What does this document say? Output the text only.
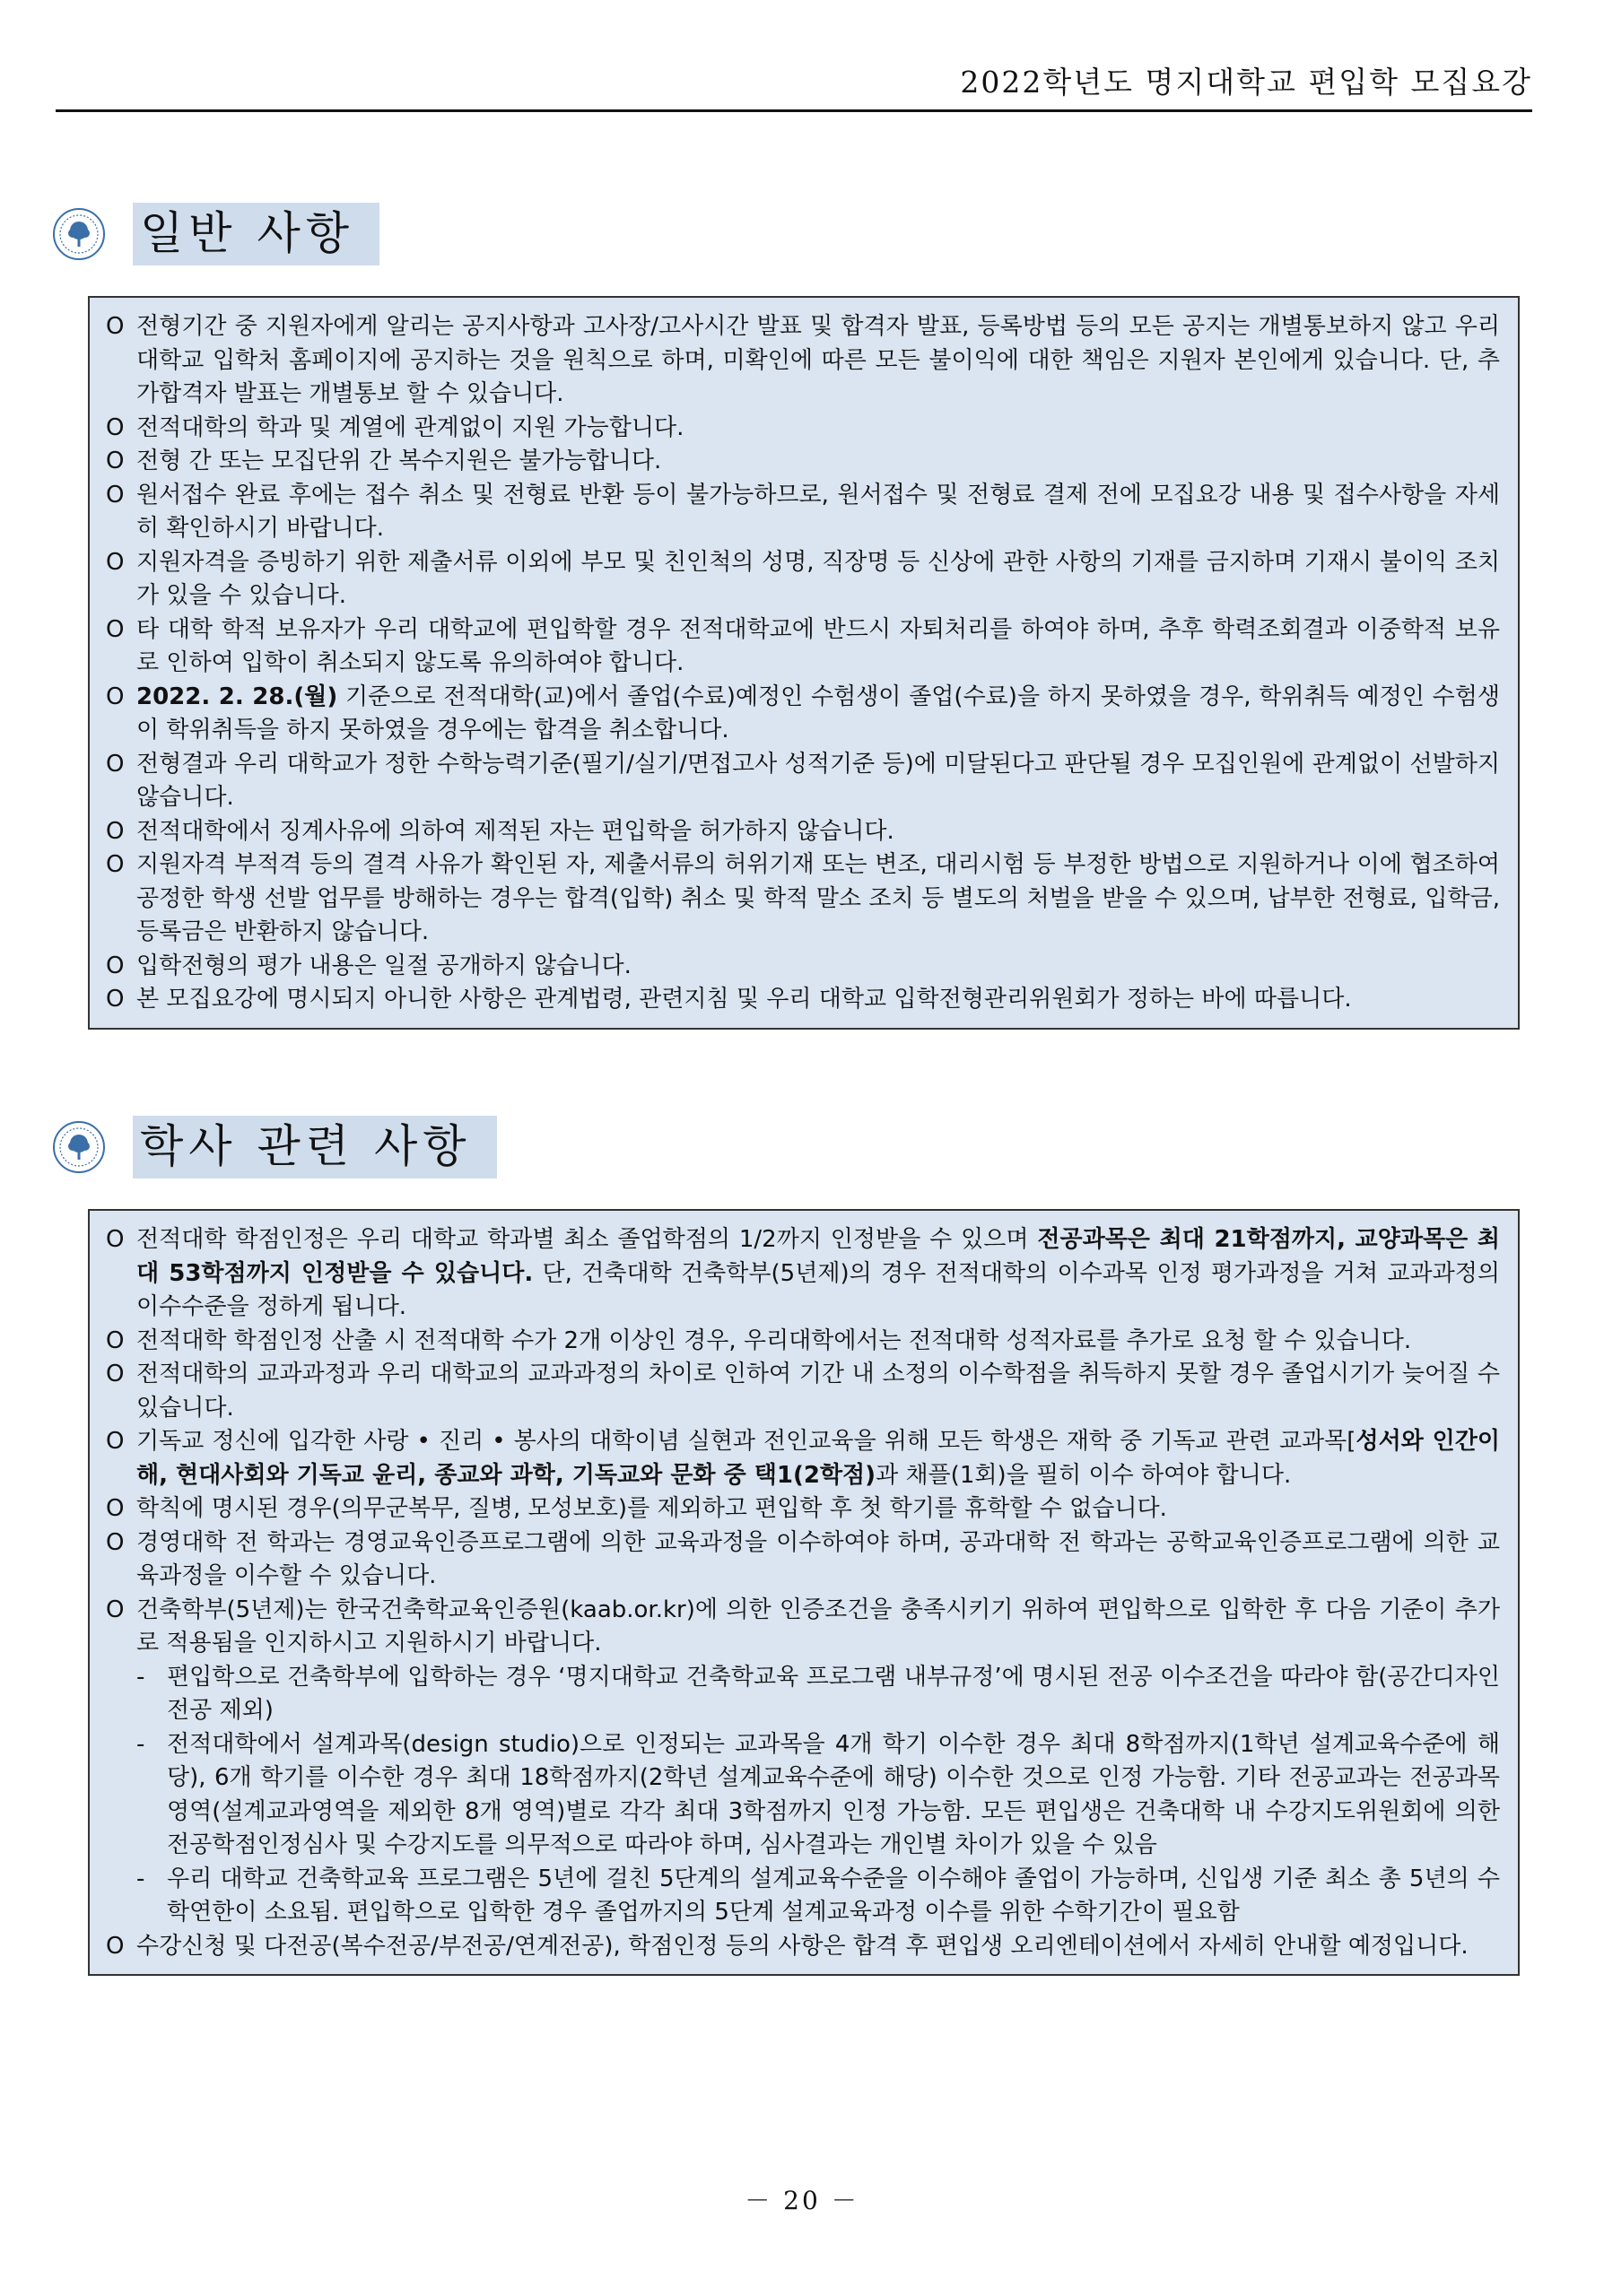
2022학년도 명지대학교 편입학 모집요강
일반 사항
O 전형기간 중 지원자에게 알리는 공지사항과 고사장/고사시간 발표 및 합격자 발표, 등록방법 등의 모든 공지는 개별통보하지 않고 우리 대학교 입학처 홈페이지에 공지하는 것을 원칙으로 하며, 미확인에 따른 모든 불이익에 대한 책임은 지원자 본인에게 있습니다. 단, 추가합격자 발표는 개별통보 할 수 있습니다.
O 전적대학의 학과 및 계열에 관계없이 지원 가능합니다.
O 전형 간 또는 모집단위 간 복수지원은 불가능합니다.
O 원서접수 완료 후에는 접수 취소 및 전형료 반환 등이 불가능하므로, 원서접수 및 전형료 결제 전에 모집요강 내용 및 접수사항을 자세히 확인하시기 바랍니다.
O 지원자격을 증빙하기 위한 제출서류 이외에 부모 및 친인척의 성명, 직장명 등 신상에 관한 사항의 기재를 금지하며 기재시 불이익 조치가 있을 수 있습니다.
O 타 대학 학적 보유자가 우리 대학교에 편입학할 경우 전적대학교에 반드시 자퇴처리를 하여야 하며, 추후 학력조회결과 이중학적 보유로 인하여 입학이 취소되지 않도록 유의하여야 합니다.
O 2022. 2. 28.(월) 기준으로 전적대학(교)에서 졸업(수료)예정인 수험생이 졸업(수료)을 하지 못하였을 경우, 학위취득 예정인 수험생이 학위취득을 하지 못하였을 경우에는 합격을 취소합니다.
O 전형결과 우리 대학교가 정한 수학능력기준(필기/실기/면접고사 성적기준 등)에 미달된다고 판단될 경우 모집인원에 관계없이 선발하지 않습니다.
O 전적대학에서 징계사유에 의하여 제적된 자는 편입학을 허가하지 않습니다.
O 지원자격 부적격 등의 결격 사유가 확인된 자, 제출서류의 허위기재 또는 변조, 대리시험 등 부정한 방법으로 지원하거나 이에 협조하여 공정한 학생 선발 업무를 방해하는 경우는 합격(입학) 취소 및 학적 말소 조치 등 별도의 처벌을 받을 수 있으며, 납부한 전형료, 입학금, 등록금은 반환하지 않습니다.
O 입학전형의 평가 내용은 일절 공개하지 않습니다.
O 본 모집요강에 명시되지 아니한 사항은 관계법령, 관련지침 및 우리 대학교 입학전형관리위원회가 정하는 바에 따릅니다.
학사 관련 사항
O 전적대학 학점인정은 우리 대학교 학과별 최소 졸업학점의 1/2까지 인정받을 수 있으며 전공과목은 최대 21학점까지, 교양과목은 최대 53학점까지 인정받을 수 있습니다. 단, 건축대학 건축학부(5년제)의 경우 전적대학의 이수과목 인정 평가과정을 거쳐 교과과정의 이수수준을 정하게 됩니다.
O 전적대학 학점인정 산출 시 전적대학 수가 2개 이상인 경우, 우리대학에서는 전적대학 성적자료를 추가로 요청 할 수 있습니다.
O 전적대학의 교과과정과 우리 대학교의 교과과정의 차이로 인하여 기간 내 소정의 이수학점을 취득하지 못할 경우 졸업시기가 늦어질 수 있습니다.
O 기독교 정신에 입각한 사랑 • 진리 • 봉사의 대학이념 실현과 전인교육을 위해 모든 학생은 재학 중 기독교 관련 교과목[성서와 인간이해, 현대사회와 기독교 윤리, 종교와 과학, 기독교와 문화 중 택1(2학점)과 채플(1회)을 필히 이수 하여야 합니다.
O 학칙에 명시된 경우(의무군복무, 질병, 모성보호)를 제외하고 편입학 후 첫 학기를 휴학할 수 없습니다.
O 경영대학 전 학과는 경영교육인증프로그램에 의한 교육과정을 이수하여야 하며, 공과대학 전 학과는 공학교육인증프로그램에 의한 교육과정을 이수할 수 있습니다.
O 건축학부(5년제)는 한국건축학교육인증원(kaab.or.kr)에 의한 인증조건을 충족시키기 위하여 편입학으로 입학한 후 다음 기준이 추가로 적용됨을 인지하시고 지원하시기 바랍니다.
- 편입학으로 건축학부에 입학하는 경우 ‘명지대학교 건축학교육 프로그램 내부규정’에 명시된 전공 이수조건을 따라야 함(공간디자인전공 제외)
- 전적대학에서 설계과목(design studio)으로 인정되는 교과목을 4개 학기 이수한 경우 최대 8학점까지(1학년 설계교육수준에 해당), 6개 학기를 이수한 경우 최대 18학점까지(2학년 설계교육수준에 해당) 이수한 것으로 인정 가능함. 기타 전공교과는 전공과목 영역(설계교과영역을 제외한 8개 영역)별로 각각 최대 3학점까지 인정 가능함. 모든 편입생은 건축대학 내 수강지도위원회에 의한 전공학점인정심사 및 수강지도를 의무적으로 따라야 하며, 심사결과는 개인별 차이가 있을 수 있음
- 우리 대학교 건축학교육 프로그램은 5년에 걸친 5단계의 설계교육수준을 이수해야 졸업이 가능하며, 신입생 기준 최소 총 5년의 수학연한이 소요됨. 편입학으로 입학한 경우 졸업까지의 5단계 설계교육과정 이수를 위한 수학기간이 필요함
O 수강신청 및 다전공(복수전공/부전공/연계전공), 학점인정 등의 사항은 합격 후 편입생 오리엔테이션에서 자세히 안내할 예정입니다.
－ 20 －
